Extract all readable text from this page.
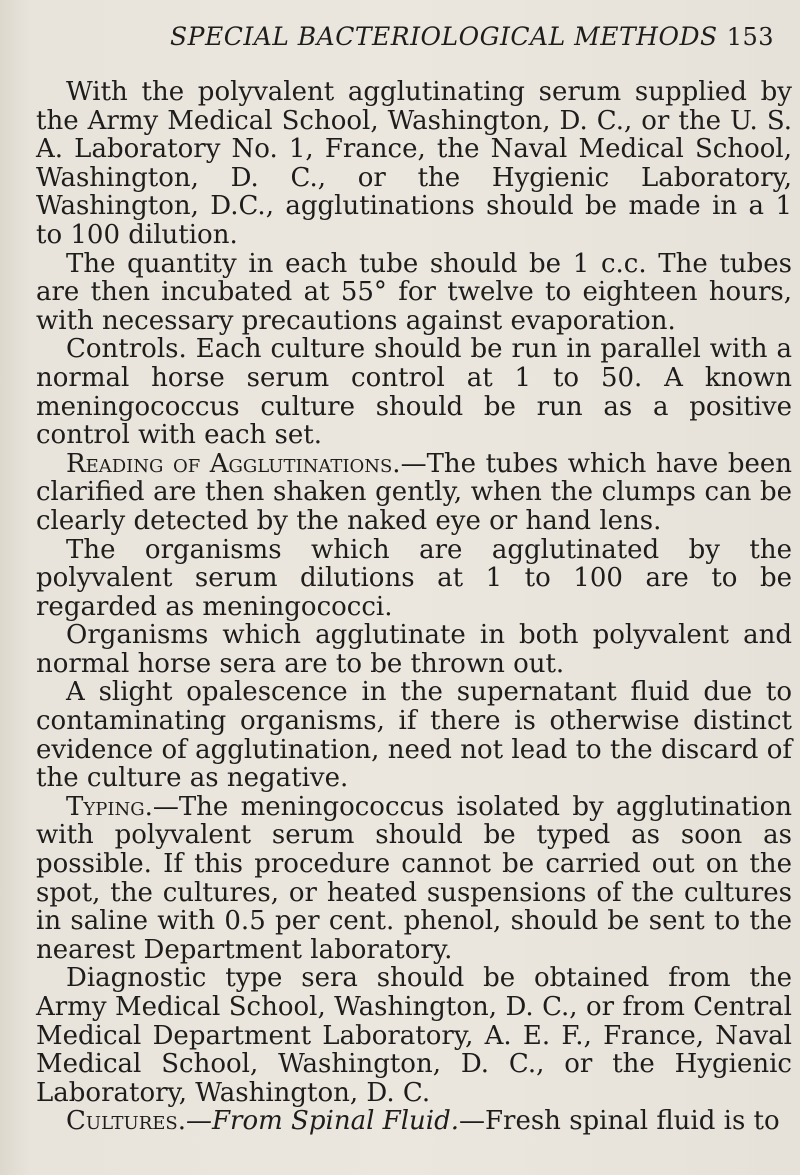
SPECIAL BACTERIOLOGICAL METHODS 153

With the polyvalent agglutinating serum supplied by the Army Medical School, Washington, D. C., or the U. S. A. Laboratory No. 1, France, the Naval Medical School, Washington, D. C., or the Hygienic Laboratory, Washington, D.C., agglutinations should be made in a 1 to 100 dilution.

The quantity in each tube should be 1 c.c. The tubes are then incubated at 55° for twelve to eighteen hours, with necessary precautions against evaporation.

Controls. Each culture should be run in parallel with a normal horse serum control at 1 to 50. A known meningococcus culture should be run as a positive control with each set.

Reading of Agglutinations.—The tubes which have been clarified are then shaken gently, when the clumps can be clearly detected by the naked eye or hand lens.

The organisms which are agglutinated by the polyvalent serum dilutions at 1 to 100 are to be regarded as meningococci.

Organisms which agglutinate in both polyvalent and normal horse sera are to be thrown out.

A slight opalescence in the supernatant fluid due to contaminating organisms, if there is otherwise distinct evidence of agglutination, need not lead to the discard of the culture as negative.

Typing.—The meningococcus isolated by agglutination with polyvalent serum should be typed as soon as possible. If this procedure cannot be carried out on the spot, the cultures, or heated suspensions of the cultures in saline with 0.5 per cent. phenol, should be sent to the nearest Department laboratory.

Diagnostic type sera should be obtained from the Army Medical School, Washington, D. C., or from Central Medical Department Laboratory, A. E. F., France, Naval Medical School, Washington, D. C., or the Hygienic Laboratory, Washington, D. C.

Cultures.—From Spinal Fluid.—Fresh spinal fluid is to
